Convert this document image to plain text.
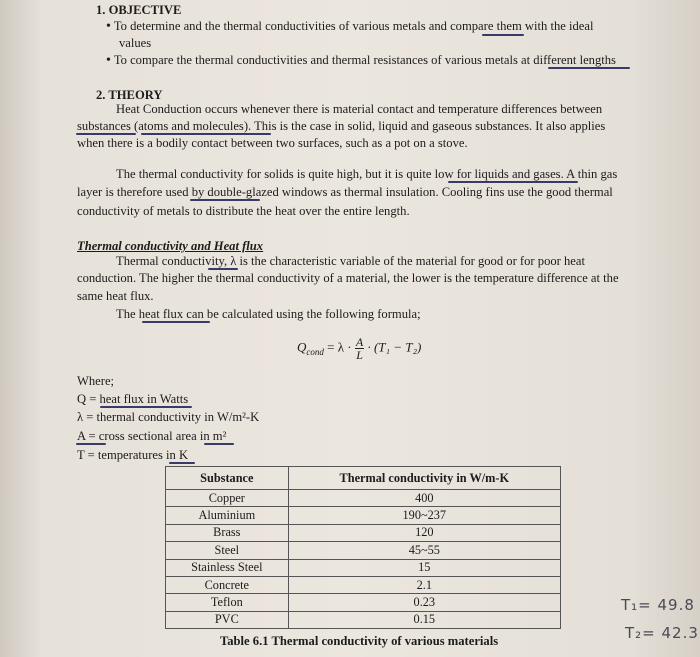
1. OBJECTIVE
• To determine and the thermal conductivities of various metals and compare them with the ideal
values
• To compare the thermal conductivities and thermal resistances of various metals at different lengths
2. THEORY
Heat Conduction occurs whenever there is material contact and temperature differences between
substances (atoms and molecules). This is the case in solid, liquid and gaseous substances. It also applies
when there is a bodily contact between two surfaces, such as a pot on a stove.
The thermal conductivity for solids is quite high, but it is quite low for liquids and gases. A thin gas
layer is therefore used by double-glazed windows as thermal insulation. Cooling fins use the good thermal
conductivity of metals to distribute the heat over the entire length.
Thermal conductivity and Heat flux
Thermal conductivity, λ is the characteristic variable of the material for good or for poor heat
conduction. The higher the thermal conductivity of a material, the lower is the temperature difference at the
same heat flux.
The heat flux can be calculated using the following formula;
$Q_{cond} = \lambda \cdot \frac{A}{L} \cdot (T_1 - T_2)$
Where;
Q = heat flux in Watts
λ = thermal conductivity in W/m²-K
A = cross sectional area in m²
T = temperatures in K
Substance	Thermal conductivity in W/m-K
Copper	400
Aluminium	190~237
Brass	120
Steel	45~55
Stainless Steel	15
Concrete	2.1
Teflon	0.23
PVC	0.15
Table 6.1 Thermal conductivity of various materials
T₁= 49.8
T₂= 42.3
